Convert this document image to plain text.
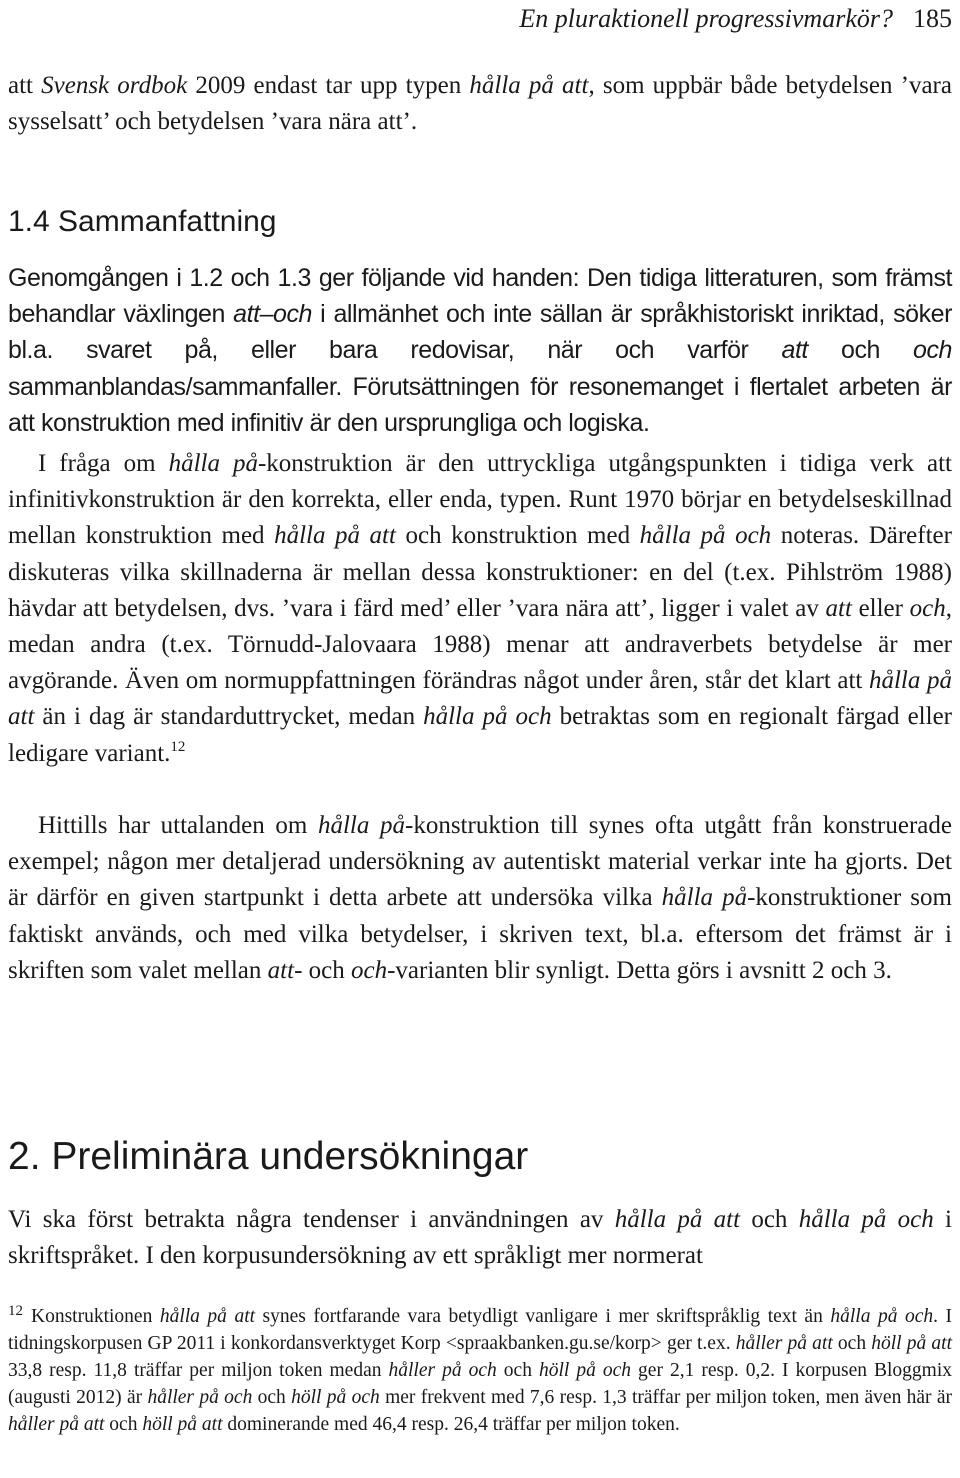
En pluraktionell progressivmarkör? 185

att Svensk ordbok 2009 endast tar upp typen hålla på att, som uppbär både betydelsen ’vara sysselsatt’ och betydelsen ’vara nära att’.

1.4 Sammanfattning

Genomgången i 1.2 och 1.3 ger följande vid handen: Den tidiga litteraturen, som främst behandlar växlingen att–och i allmänhet och inte sällan är språkhistoriskt inriktad, söker bl.a. svaret på, eller bara redovisar, när och varför att och och sammanblandas/sammanfaller. Förutsättningen för resonemanget i flertalet arbeten är att konstruktion med infinitiv är den ursprungliga och logiska.

I fråga om hålla på-konstruktion är den uttryckliga utgångspunkten i tidiga verk att infinitivkonstruktion är den korrekta, eller enda, typen. Runt 1970 börjar en betydelseskillnad mellan konstruktion med hålla på att och konstruktion med hålla på och noteras. Därefter diskuteras vilka skillnaderna är mellan dessa konstruktioner: en del (t.ex. Pihlström 1988) hävdar att betydelsen, dvs. ’vara i färd med’ eller ’vara nära att’, ligger i valet av att eller och, medan andra (t.ex. Törnudd-Jalovaara 1988) menar att andraverbets betydelse är mer avgörande. Även om normuppfattningen förändras något under åren, står det klart att hålla på att än i dag är standarduttrycket, medan hålla på och betraktas som en regionalt färgad eller ledigare variant.$^{12}$

Hittills har uttalanden om hålla på-konstruktion till synes ofta utgått från konstruerade exempel; någon mer detaljerad undersökning av autentiskt material verkar inte ha gjorts. Det är därför en given startpunkt i detta arbete att undersöka vilka hålla på-konstruktioner som faktiskt används, och med vilka betydelser, i skriven text, bl.a. eftersom det främst är i skriften som valet mellan att- och och-varianten blir synligt. Detta görs i avsnitt 2 och 3.

2. Preliminära undersökningar

Vi ska först betrakta några tendenser i användningen av hålla på att och hålla på och i skriftspråket. I den korpusundersökning av ett språkligt mer normerat

$^{12}$ Konstruktionen hålla på att synes fortfarande vara betydligt vanligare i mer skriftspråklig text än hålla på och. I tidningskorpusen GP 2011 i konkordansverktyget Korp <spraakbanken.gu.se/korp> ger t.ex. håller på att och höll på att 33,8 resp. 11,8 träffar per miljon token medan håller på och och höll på och ger 2,1 resp. 0,2. I korpusen Bloggmix (augusti 2012) är håller på och och höll på och mer frekvent med 7,6 resp. 1,3 träffar per miljon token, men även här är håller på att och höll på att dominerande med 46,4 resp. 26,4 träffar per miljon token.
